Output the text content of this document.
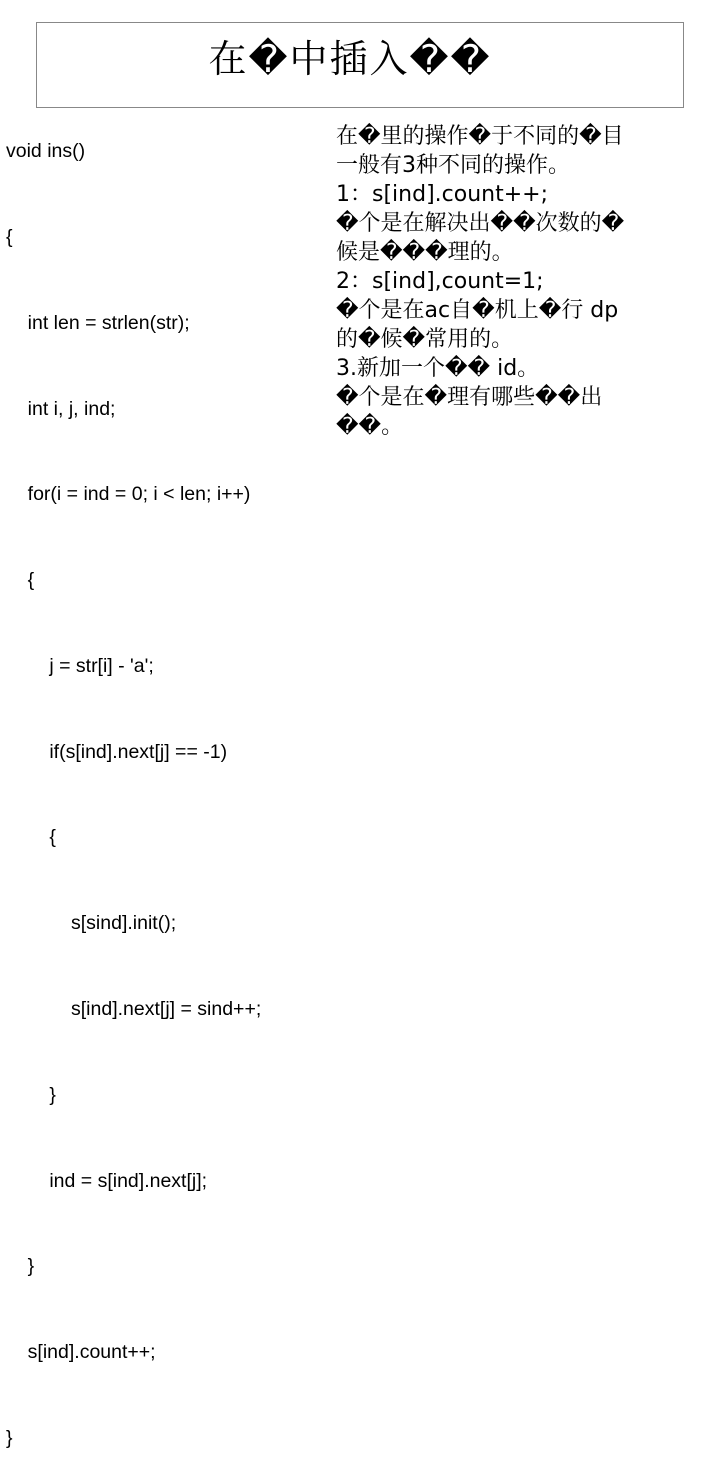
在�中插入��

void ins()

{

int len = strlen(str);

int i, j, ind;

for(i = ind = 0; i < len; i++)

{

j = str[i] - 'a';

if(s[ind].next[j] == -1)

{

s[sind].init();

s[ind].next[j] = sind++;

}

ind = s[ind].next[j];

}

s[ind].count++;

}

在�里的操作�于不同的�目
一般有3种不同的操作。
1：s[ind].count++;
�个是在解决出��次数的�
候是���理的。
2：s[ind],count=1;
�个是在ac自�机上�行 dp
的�候�常用的。
3.新加一个�� id。
�个是在�理有哪些��出
��。
